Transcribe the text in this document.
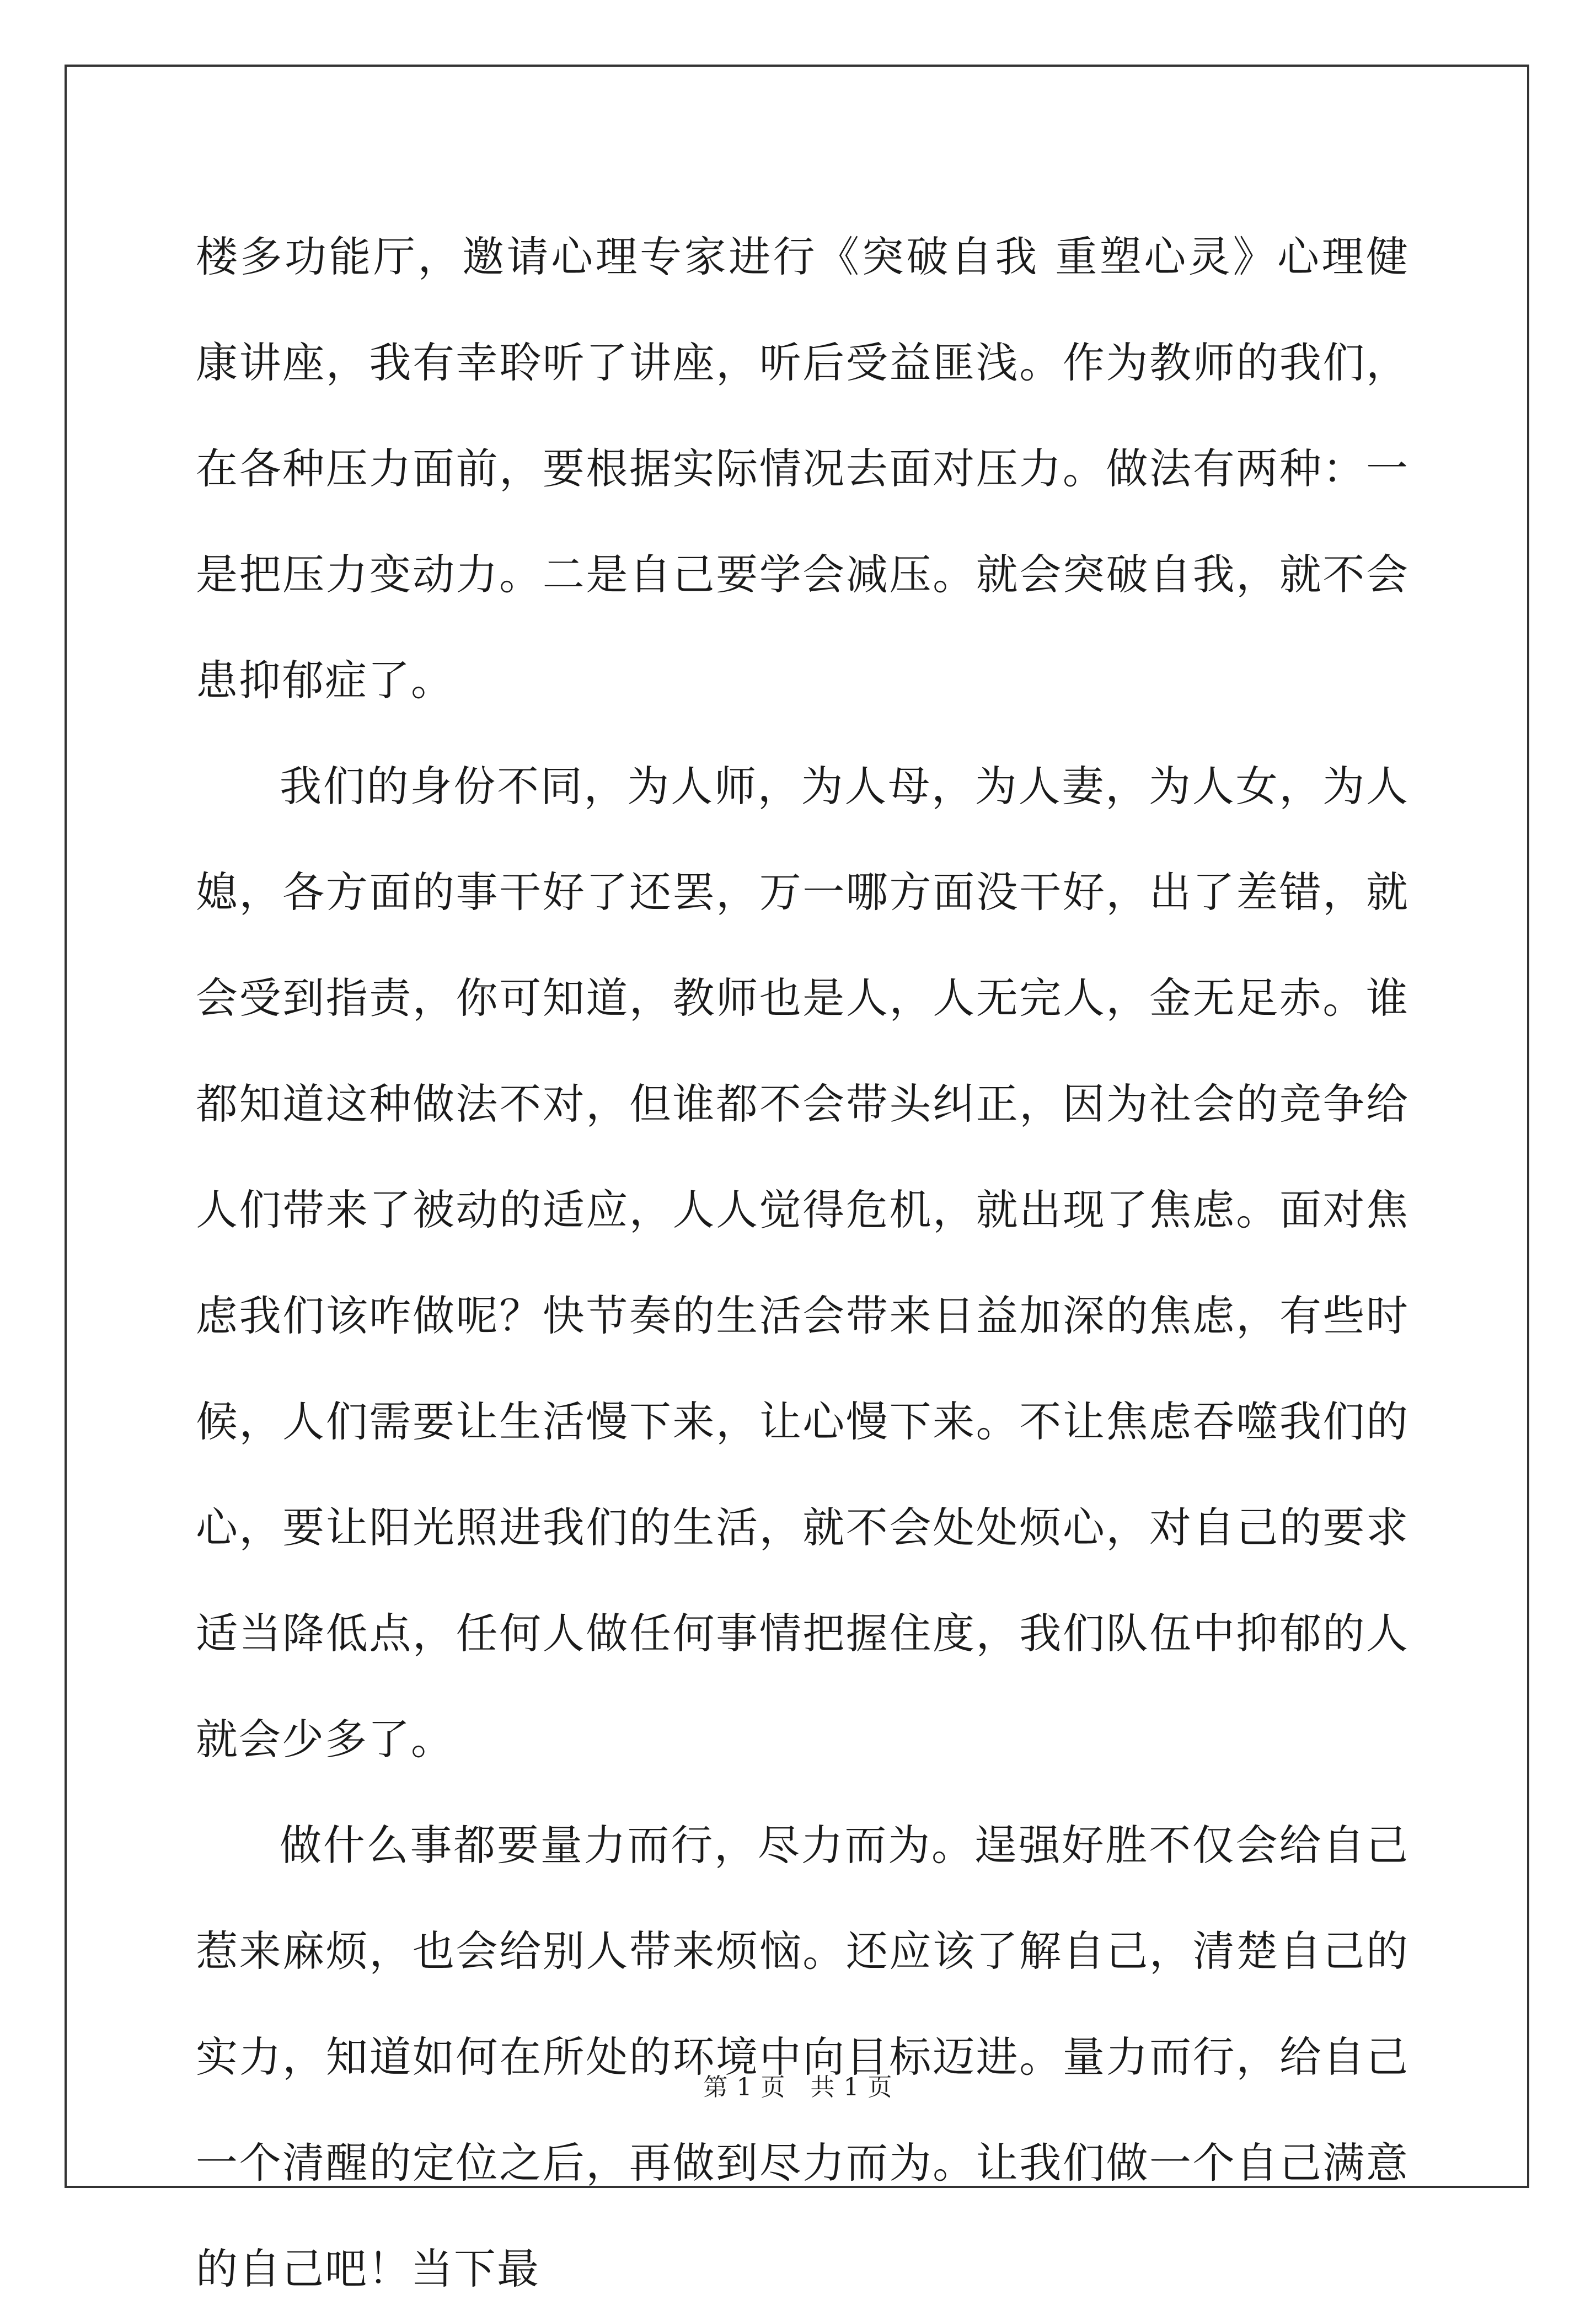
楼多功能厅，邀请心理专家进行《突破自我 重塑心灵》心理健康讲座，我有幸聆听了讲座，听后受益匪浅。作为教师的我们，在各种压力面前，要根据实际情况去面对压力。做法有两种：一是把压力变动力。二是自己要学会减压。就会突破自我，就不会患抑郁症了。

我们的身份不同，为人师，为人母，为人妻，为人女，为人媳，各方面的事干好了还罢，万一哪方面没干好，出了差错，就会受到指责，你可知道，教师也是人，人无完人，金无足赤。谁都知道这种做法不对，但谁都不会带头纠正，因为社会的竞争给人们带来了被动的适应，人人觉得危机，就出现了焦虑。面对焦虑我们该咋做呢？快节奏的生活会带来日益加深的焦虑，有些时候，人们需要让生活慢下来，让心慢下来。不让焦虑吞噬我们的心，要让阳光照进我们的生活，就不会处处烦心，对自己的要求适当降低点，任何人做任何事情把握住度，我们队伍中抑郁的人就会少多了。

做什么事都要量力而行，尽力而为。逞强好胜不仅会给自己惹来麻烦，也会给别人带来烦恼。还应该了解自己，清楚自己的实力，知道如何在所处的环境中向目标迈进。量力而行，给自己一个清醒的定位之后，再做到尽力而为。让我们做一个自己满意的自己吧！当下最

第 1 页 共 1 页
